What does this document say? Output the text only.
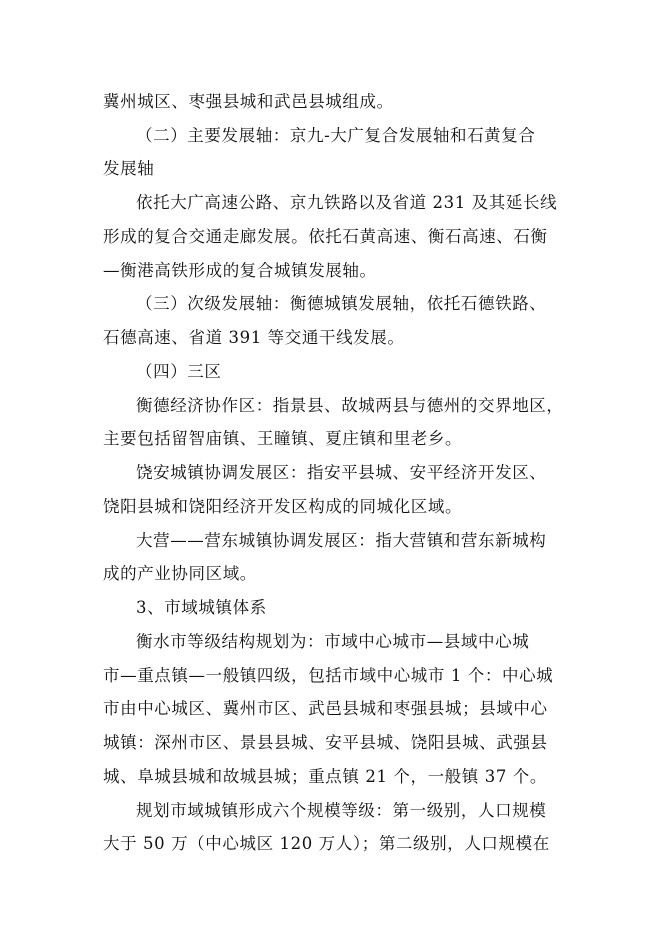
冀州城区、枣强县城和武邑县城组成。
（二）主要发展轴：京九-大广复合发展轴和石黄复合
发展轴
依托大广高速公路、京九铁路以及省道 231 及其延长线
形成的复合交通走廊发展。依托石黄高速、衡石高速、石衡
—衡港高铁形成的复合城镇发展轴。
（三）次级发展轴：衡德城镇发展轴，依托石德铁路、
石德高速、省道 391 等交通干线发展。
（四）三区
衡德经济协作区：指景县、故城两县与德州的交界地区，
主要包括留智庙镇、王瞳镇、夏庄镇和里老乡。
饶安城镇协调发展区：指安平县城、安平经济开发区、
饶阳县城和饶阳经济开发区构成的同城化区域。
大营——营东城镇协调发展区：指大营镇和营东新城构
成的产业协同区域。
3、市域城镇体系
衡水市等级结构规划为：市域中心城市—县域中心城
市—重点镇—一般镇四级，包括市域中心城市 1 个：中心城
市由中心城区、冀州市区、武邑县城和枣强县城；县域中心
城镇：深州市区、景县县城、安平县城、饶阳县城、武强县
城、阜城县城和故城县城；重点镇 21 个，一般镇 37 个。
规划市域城镇形成六个规模等级：第一级别，人口规模
大于 50 万（中心城区 120 万人）；第二级别，人口规模在
